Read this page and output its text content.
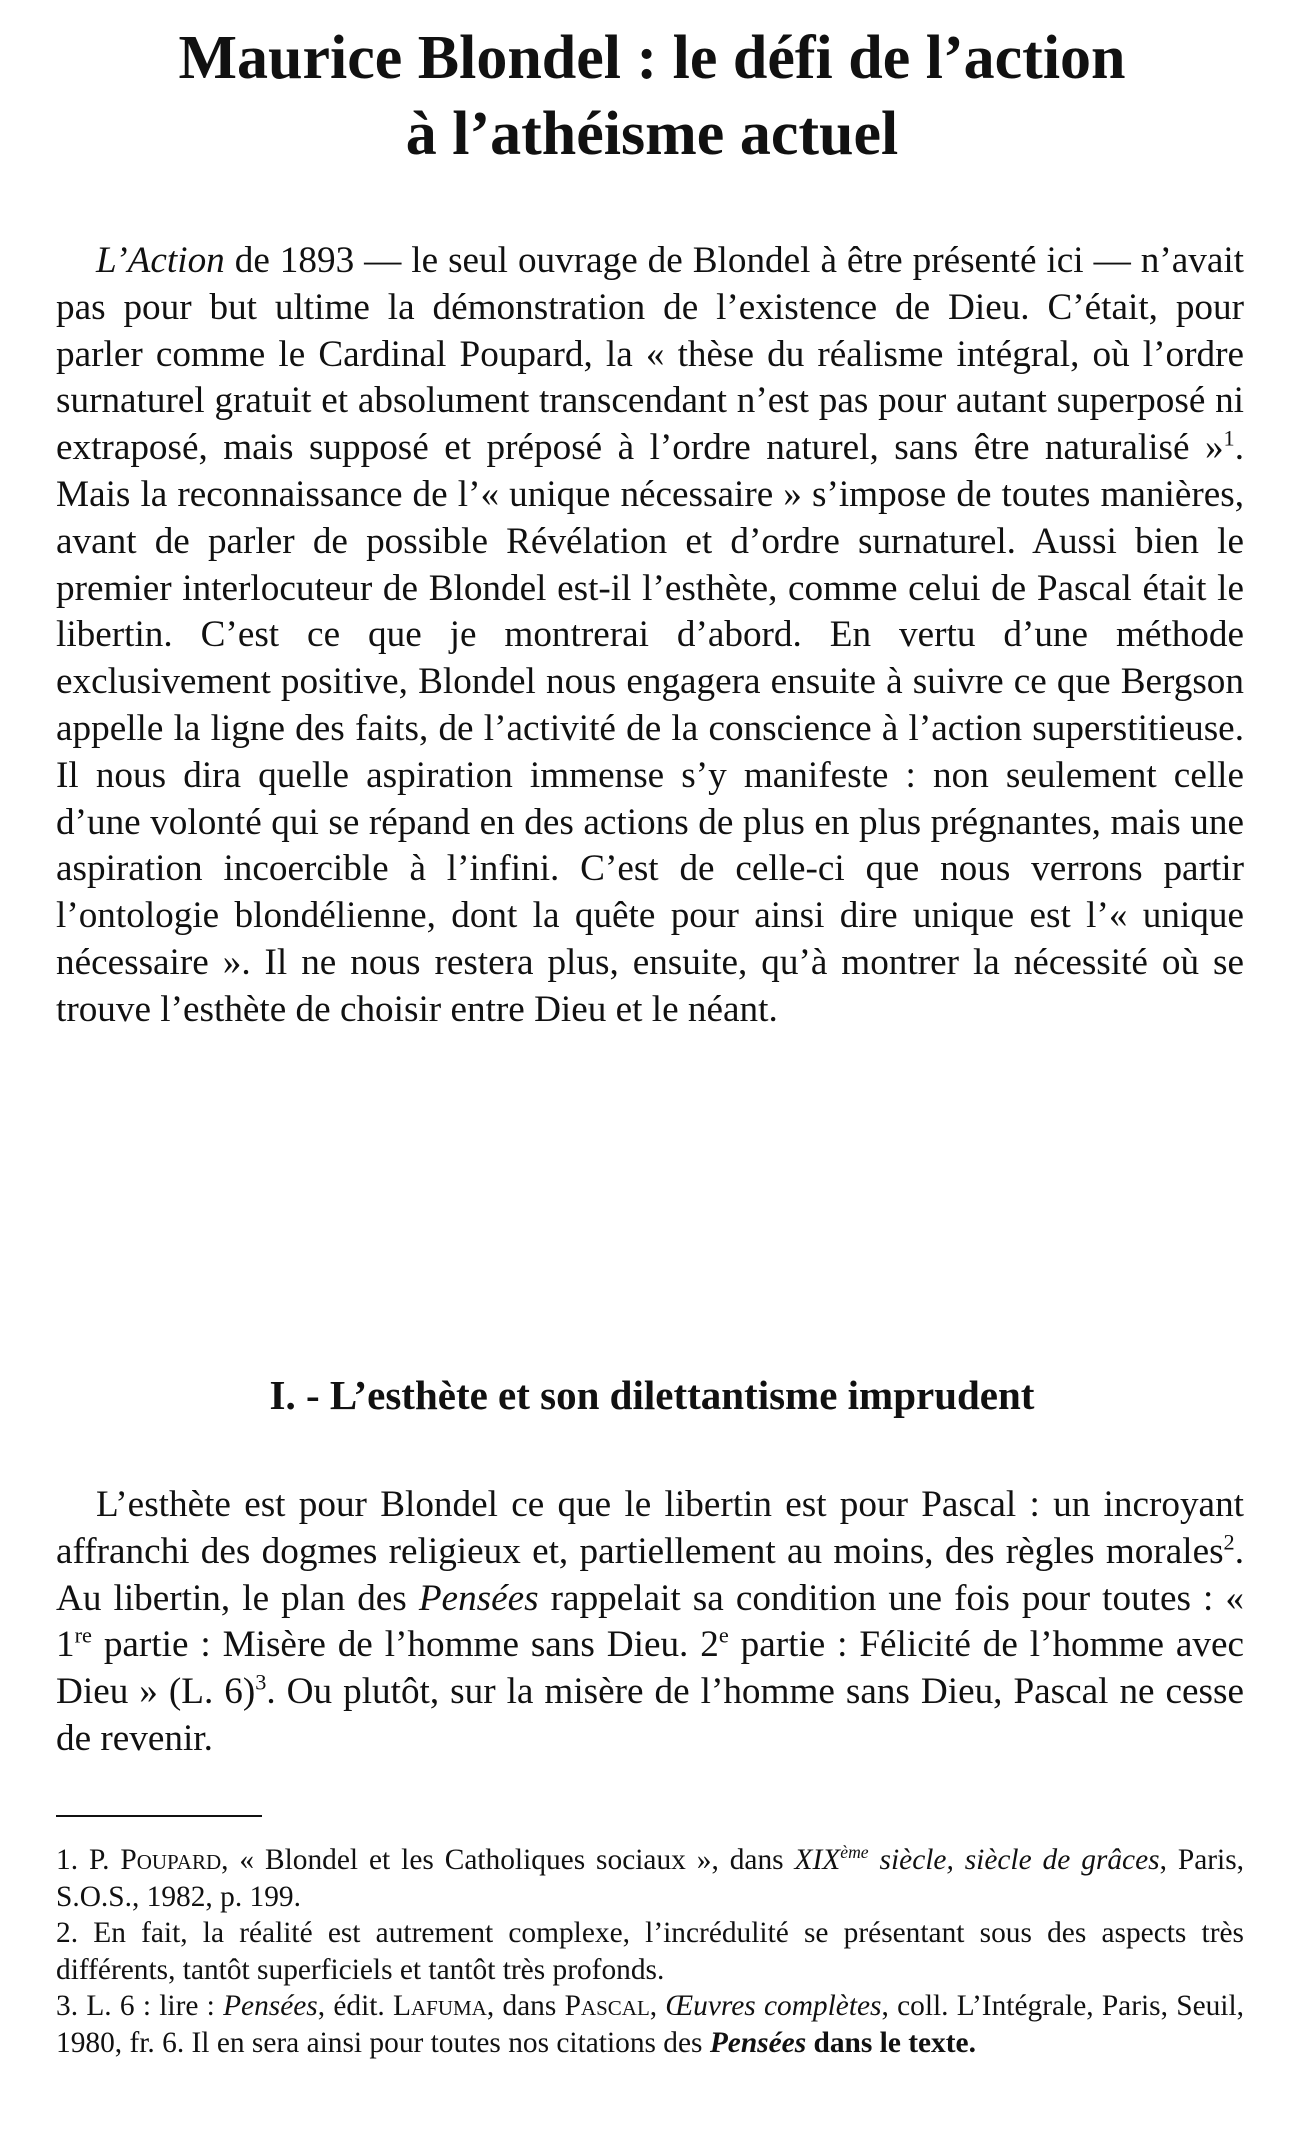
Maurice Blondel : le défi de l’action
à l’athéisme actuel

L’Action de 1893 — le seul ouvrage de Blondel à être présenté ici — n’avait pas pour but ultime la démonstration de l’existence de Dieu. C’était, pour parler comme le Cardinal Poupard, la « thèse du réalisme intégral, où l’ordre surnaturel gratuit et absolument transcendant n’est pas pour autant superposé ni extraposé, mais supposé et préposé à l’ordre naturel, sans être naturalisé »$^1$. Mais la reconnaissance de l’« unique nécessaire » s’impose de toutes manières, avant de parler de possible Révélation et d’ordre surnaturel. Aussi bien le premier interlocuteur de Blondel est-il l’esthète, comme celui de Pascal était le libertin. C’est ce que je montrerai d’abord. En vertu d’une méthode exclusivement positive, Blondel nous engagera ensuite à suivre ce que Bergson appelle la ligne des faits, de l’activité de la conscience à l’action superstitieuse. Il nous dira quelle aspiration immense s’y manifeste : non seulement celle d’une volonté qui se répand en des actions de plus en plus prégnantes, mais une aspiration incoercible à l’infini. C’est de celle-ci que nous verrons partir l’ontologie blondélienne, dont la quête pour ainsi dire unique est l’« unique nécessaire ». Il ne nous restera plus, ensuite, qu’à montrer la nécessité où se trouve l’esthète de choisir entre Dieu et le néant.

I. - L’esthète et son dilettantisme imprudent

L’esthète est pour Blondel ce que le libertin est pour Pascal : un incroyant affranchi des dogmes religieux et, partiellement au moins, des règles morales$^2$. Au libertin, le plan des Pensées rappelait sa condition une fois pour toutes : « 1re partie : Misère de l’homme sans Dieu. 2e partie : Félicité de l’homme avec Dieu » (L. 6)$^3$. Ou plutôt, sur la misère de l’homme sans Dieu, Pascal ne cesse de revenir.

1. P. Poupard, « Blondel et les Catholiques sociaux », dans XIXème siècle, siècle de grâces, Paris, S.O.S., 1982, p. 199.

2. En fait, la réalité est autrement complexe, l’incrédulité se présentant sous des aspects très différents, tantôt superficiels et tantôt très profonds.

3. L. 6 : lire : Pensées, édit. Lafuma, dans Pascal, Œuvres complètes, coll. L’Intégrale, Paris, Seuil, 1980, fr. 6. Il en sera ainsi pour toutes nos citations des Pensées dans le texte.
